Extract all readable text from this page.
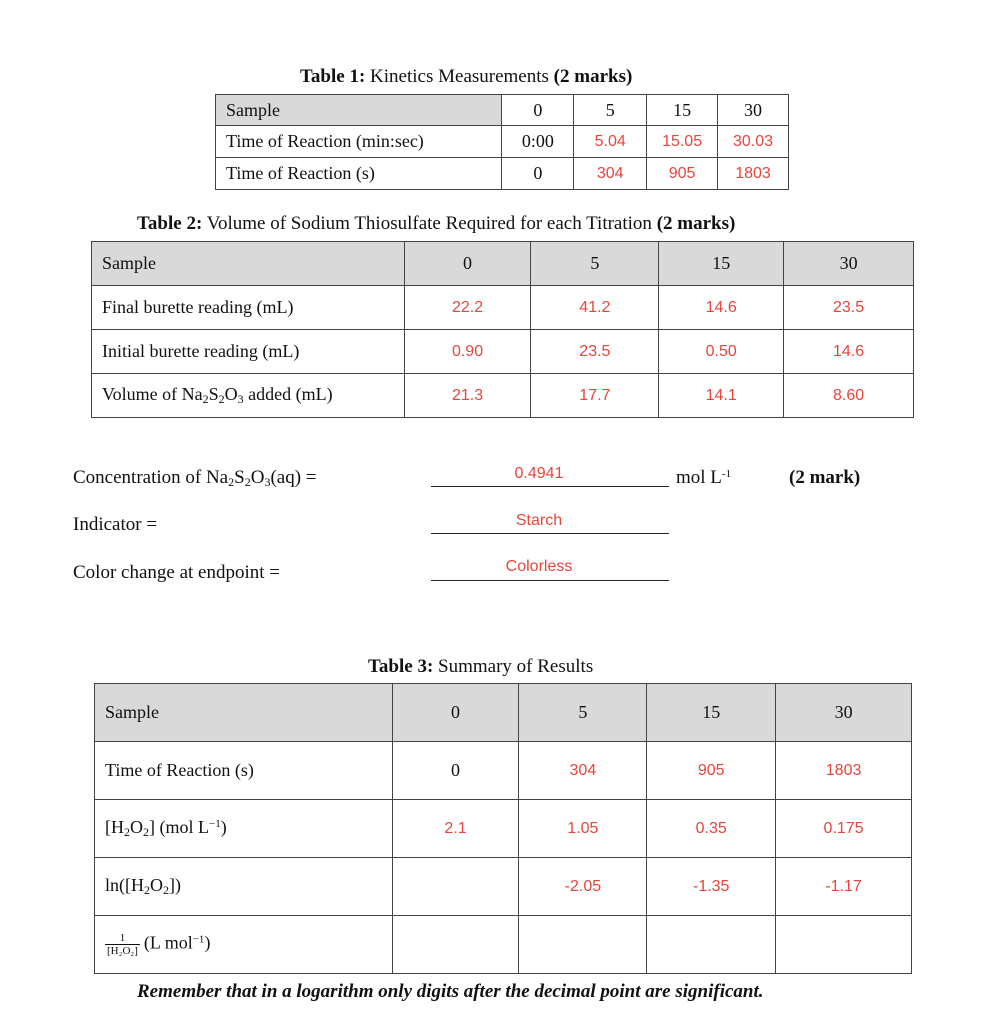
Table 1: Kinetics Measurements (2 marks)
Sample	0	5	15	30
Time of Reaction (min:sec)	0:00	5.04	15.05	30.03
Time of Reaction (s)	0	304	905	1803
Table 2: Volume of Sodium Thiosulfate Required for each Titration (2 marks)
Sample	0	5	15	30
Final burette reading (mL)	22.2	41.2	14.6	23.5
Initial burette reading (mL)	0.90	23.5	0.50	14.6
Volume of $Na_2S_2O_3$ added (mL)	21.3	17.7	14.1	8.60
Concentration of $Na_2S_2O_3(aq)$ =	0.4941	mol $L^{-1}$	(2 mark)
Indicator =	Starch
Color change at endpoint =	Colorless
Table 3: Summary of Results
Sample	0	5	15	30
Time of Reaction (s)	0	304	905	1803
$[H_2O_2]$ (mol $L^{-1}$)	2.1	1.05	0.35	0.175
$\ln([H_2O_2])$		-2.05	-1.35	-1.17

$\frac{1}{\text{[H₂O₂]}} (L$ mol$^{-1}$)				
Remember that in a logarithm only digits after the decimal point are significant.
